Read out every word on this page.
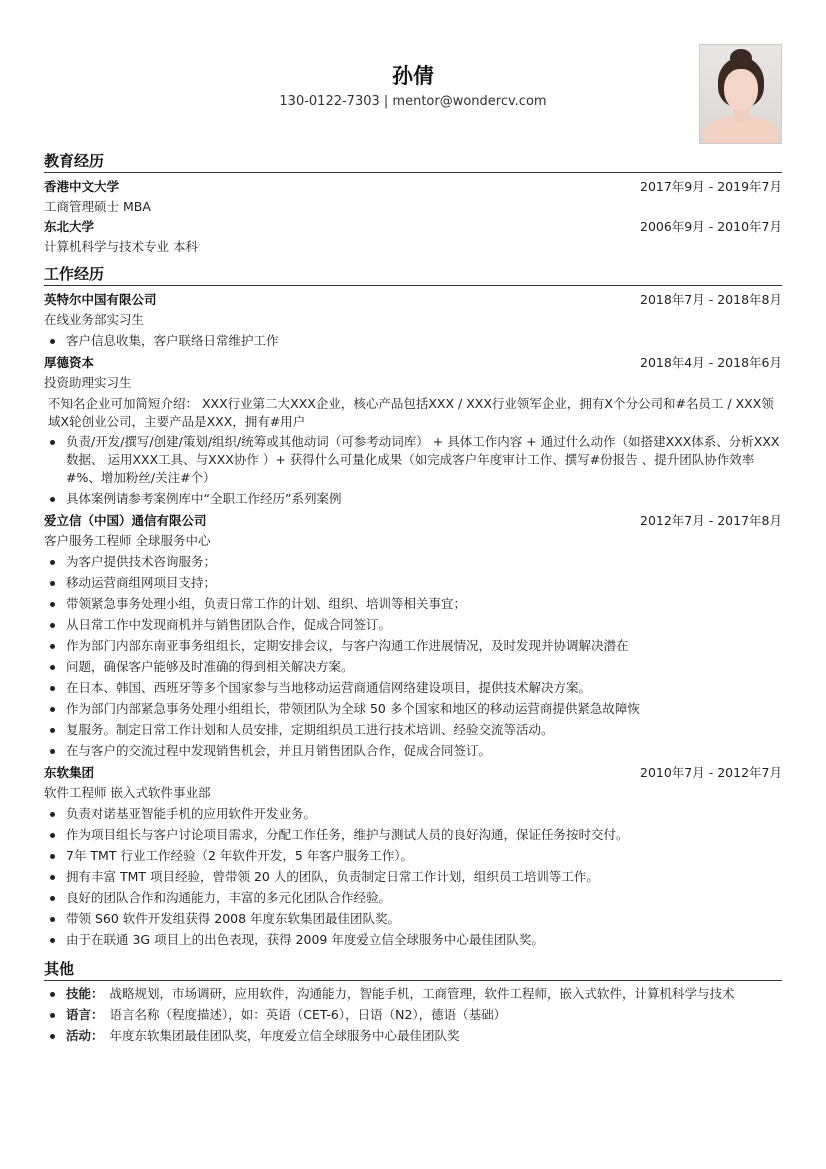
孙倩
130-0122-7303 | mentor@wondercv.com
教育经历
香港中文大学	2017年9月 - 2019年7月
工商管理硕士 MBA
东北大学	2006年9月 - 2010年7月
计算机科学与技术专业 本科
工作经历
英特尔中国有限公司	2018年7月 - 2018年8月
在线业务部实习生
客户信息收集，客户联络日常维护工作
厚德资本	2018年4月 - 2018年6月
投资助理实习生
不知名企业可加简短介绍： XXX行业第二大XXX企业，核心产品包括XXX / XXX行业领军企业，拥有X个分公司和#名员工 / XXX领域X轮创业公司，主要产品是XXX，拥有#用户
负责/开发/撰写/创建/策划/组织/统筹或其他动词（可参考动词库） + 具体工作内容 + 通过什么动作（如搭建XXX体系、分析XXX数据、 运用XXX工具、与XXX协作 ）+ 获得什么可量化成果（如完成客户年度审计工作、撰写#份报告 、提升团队协作效率#%、增加粉丝/关注#个）
具体案例请参考案例库中“全职工作经历”系列案例
爱立信（中国）通信有限公司	2012年7月 - 2017年8月
客户服务工程师 全球服务中心
为客户提供技术咨询服务；
移动运营商组网项目支持；
带领紧急事务处理小组，负责日常工作的计划、组织、培训等相关事宜；
从日常工作中发现商机并与销售团队合作，促成合同签订。
作为部门内部东南亚事务组组长，定期安排会议，与客户沟通工作进展情况，及时发现并协调解决潜在
问题，确保客户能够及时准确的得到相关解决方案。
在日本、韩国、西班牙等多个国家参与当地移动运营商通信网络建设项目，提供技术解决方案。
作为部门内部紧急事务处理小组组长，带领团队为全球 50 多个国家和地区的移动运营商提供紧急故障恢
复服务。制定日常工作计划和人员安排，定期组织员工进行技术培训、经验交流等活动。
在与客户的交流过程中发现销售机会，并且月销售团队合作，促成合同签订。
东软集团	2010年7月 - 2012年7月
软件工程师 嵌入式软件事业部
负责对诺基亚智能手机的应用软件开发业务。
作为项目组长与客户讨论项目需求，分配工作任务，维护与测试人员的良好沟通，保证任务按时交付。
7年 TMT 行业工作经验（2 年软件开发，5 年客户服务工作）。
拥有丰富 TMT 项目经验，曾带领 20 人的团队，负责制定日常工作计划，组织员工培训等工作。
良好的团队合作和沟通能力，丰富的多元化团队合作经验。
带领 S60 软件开发组获得 2008 年度东软集团最佳团队奖。
由于在联通 3G 项目上的出色表现，获得 2009 年度爱立信全球服务中心最佳团队奖。
其他
技能： 战略规划，市场调研，应用软件，沟通能力，智能手机，工商管理，软件工程师，嵌入式软件，计算机科学与技术
语言： 语言名称（程度描述），如：英语（CET-6），日语（N2），德语（基础）
活动： 年度东软集团最佳团队奖，年度爱立信全球服务中心最佳团队奖
